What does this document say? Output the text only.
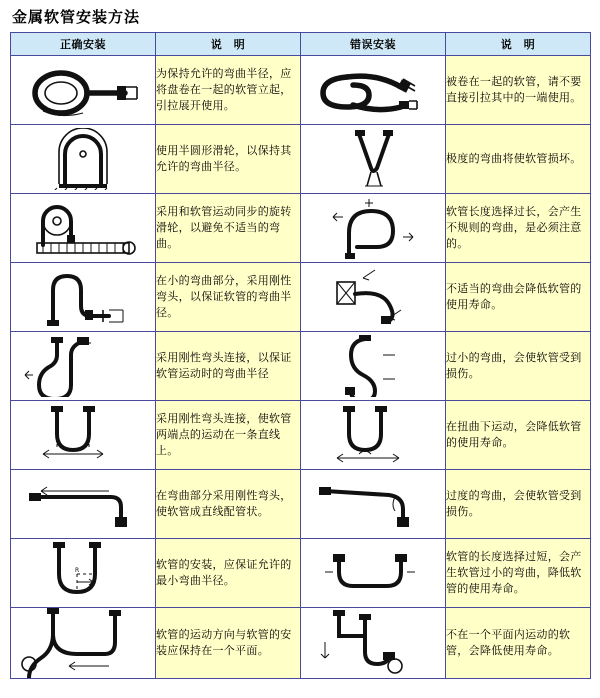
金属软管安装方法
正确安装	说　明	错误安装	说　明

	为保持允许的弯曲半径，应将盘卷在一起的软管立起，引拉展开使用。		被卷在一起的软管，请不要直接引拉其中的一端使用。

	使用半圆形滑轮，以保持其允许的弯曲半径。		极度的弯曲将使软管损坏。

	采用和软管运动同步的旋转滑轮，以避免不适当的弯曲。		软管长度选择过长，会产生不规则的弯曲，是必须注意的。

	在小的弯曲部分，采用刚性弯头，以保证软管的弯曲半径。		不适当的弯曲会降低软管的使用寿命。

	采用刚性弯头连接，以保证软管运动时的弯曲半径		过小的弯曲，会使软管受到损伤。

	采用刚性弯头连接，使软管两端点的运动在一条直线上。		在扭曲下运动，会降低软管的使用寿命。

	在弯曲部分采用刚性弯头，使软管成直线配管状。		过度的弯曲，会使软管受到损伤。

R	软管的安装，应保证允许的最小弯曲半径。		软管的长度选择过短，会产生软管过小的弯曲，降低软管的使用寿命。

	软管的运动方向与软管的安装应保持在一个平面。		不在一个平面内运动的软管，会降低使用寿命。
